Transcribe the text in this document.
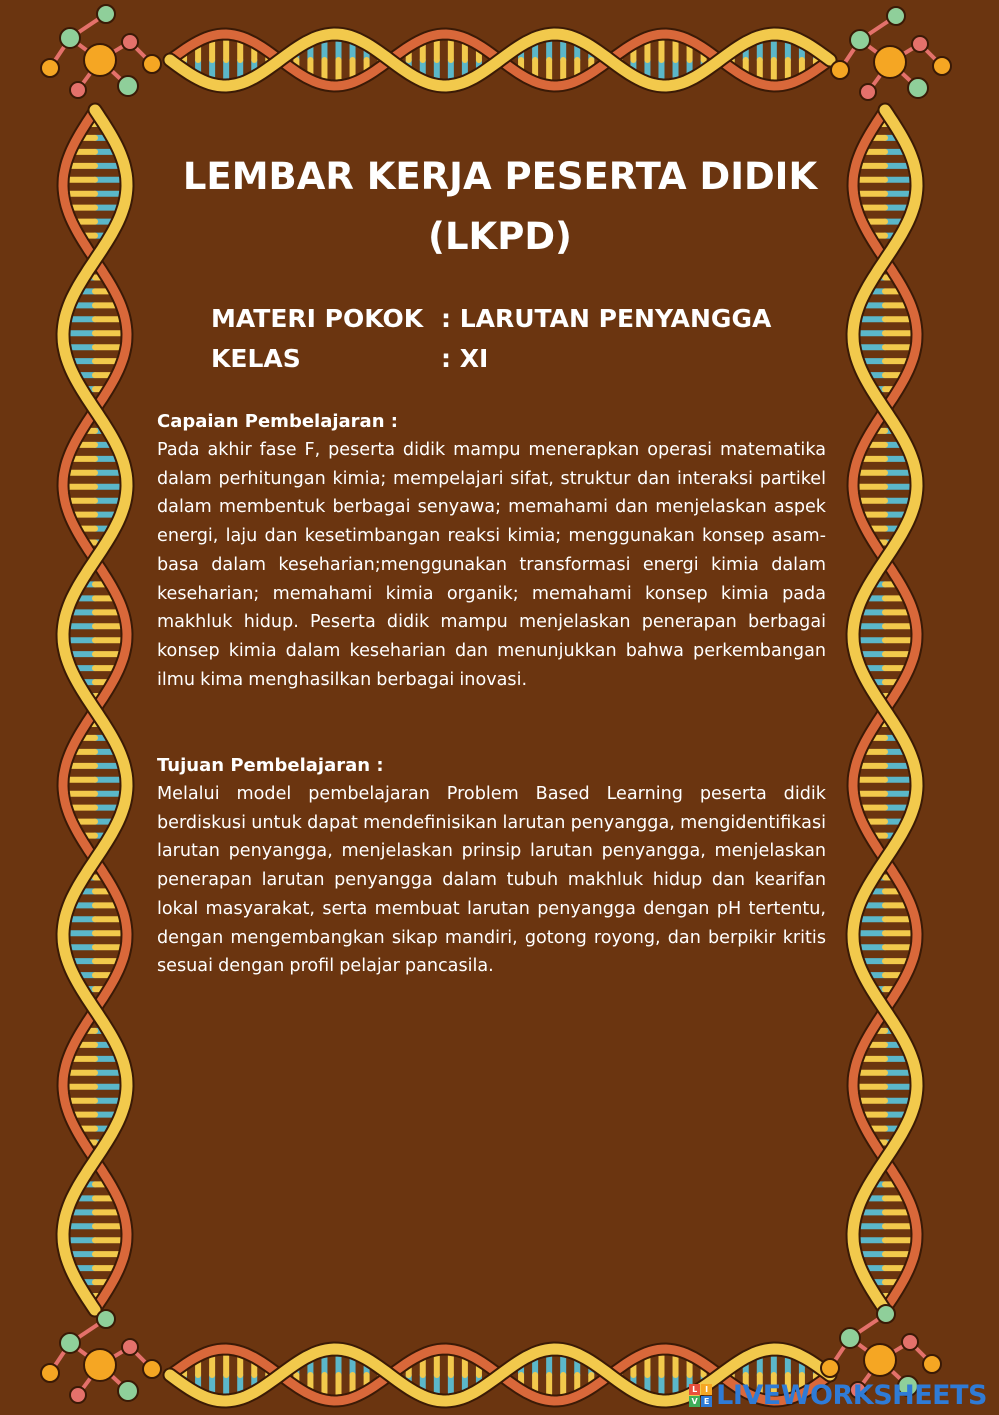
LEMBAR KERJA PESERTA DIDIK
(LKPD)
MATERI POKOK : LARUTAN PENYANGGA
KELAS	: XI
Capaian Pembelajaran :
Pada akhir fase F, peserta didik mampu menerapkan operasi matematika dalam perhitungan kimia; mempelajari sifat, struktur dan interaksi partikel dalam membentuk berbagai senyawa; memahami dan menjelaskan aspek energi, laju dan kesetimbangan reaksi kimia; menggunakan konsep asam-basa dalam keseharian;menggunakan transformasi energi kimia dalam keseharian; memahami kimia organik; memahami konsep kimia pada makhluk hidup. Peserta didik mampu menjelaskan penerapan berbagai konsep kimia dalam keseharian dan menunjukkan bahwa perkembangan ilmu kima menghasilkan berbagai inovasi.
Tujuan Pembelajaran :
Melalui model pembelajaran Problem Based Learning peserta didik berdiskusi untuk dapat mendefinisikan larutan penyangga, mengidentifikasi larutan penyangga, menjelaskan prinsip larutan penyangga, menjelaskan penerapan larutan penyangga dalam tubuh makhluk hidup dan kearifan lokal masyarakat, serta membuat larutan penyangga dengan pH tertentu, dengan mengembangkan sikap mandiri, gotong royong, dan berpikir kritis sesuai dengan profil pelajar pancasila.
L I
V E LIVEWORKSHEETS
